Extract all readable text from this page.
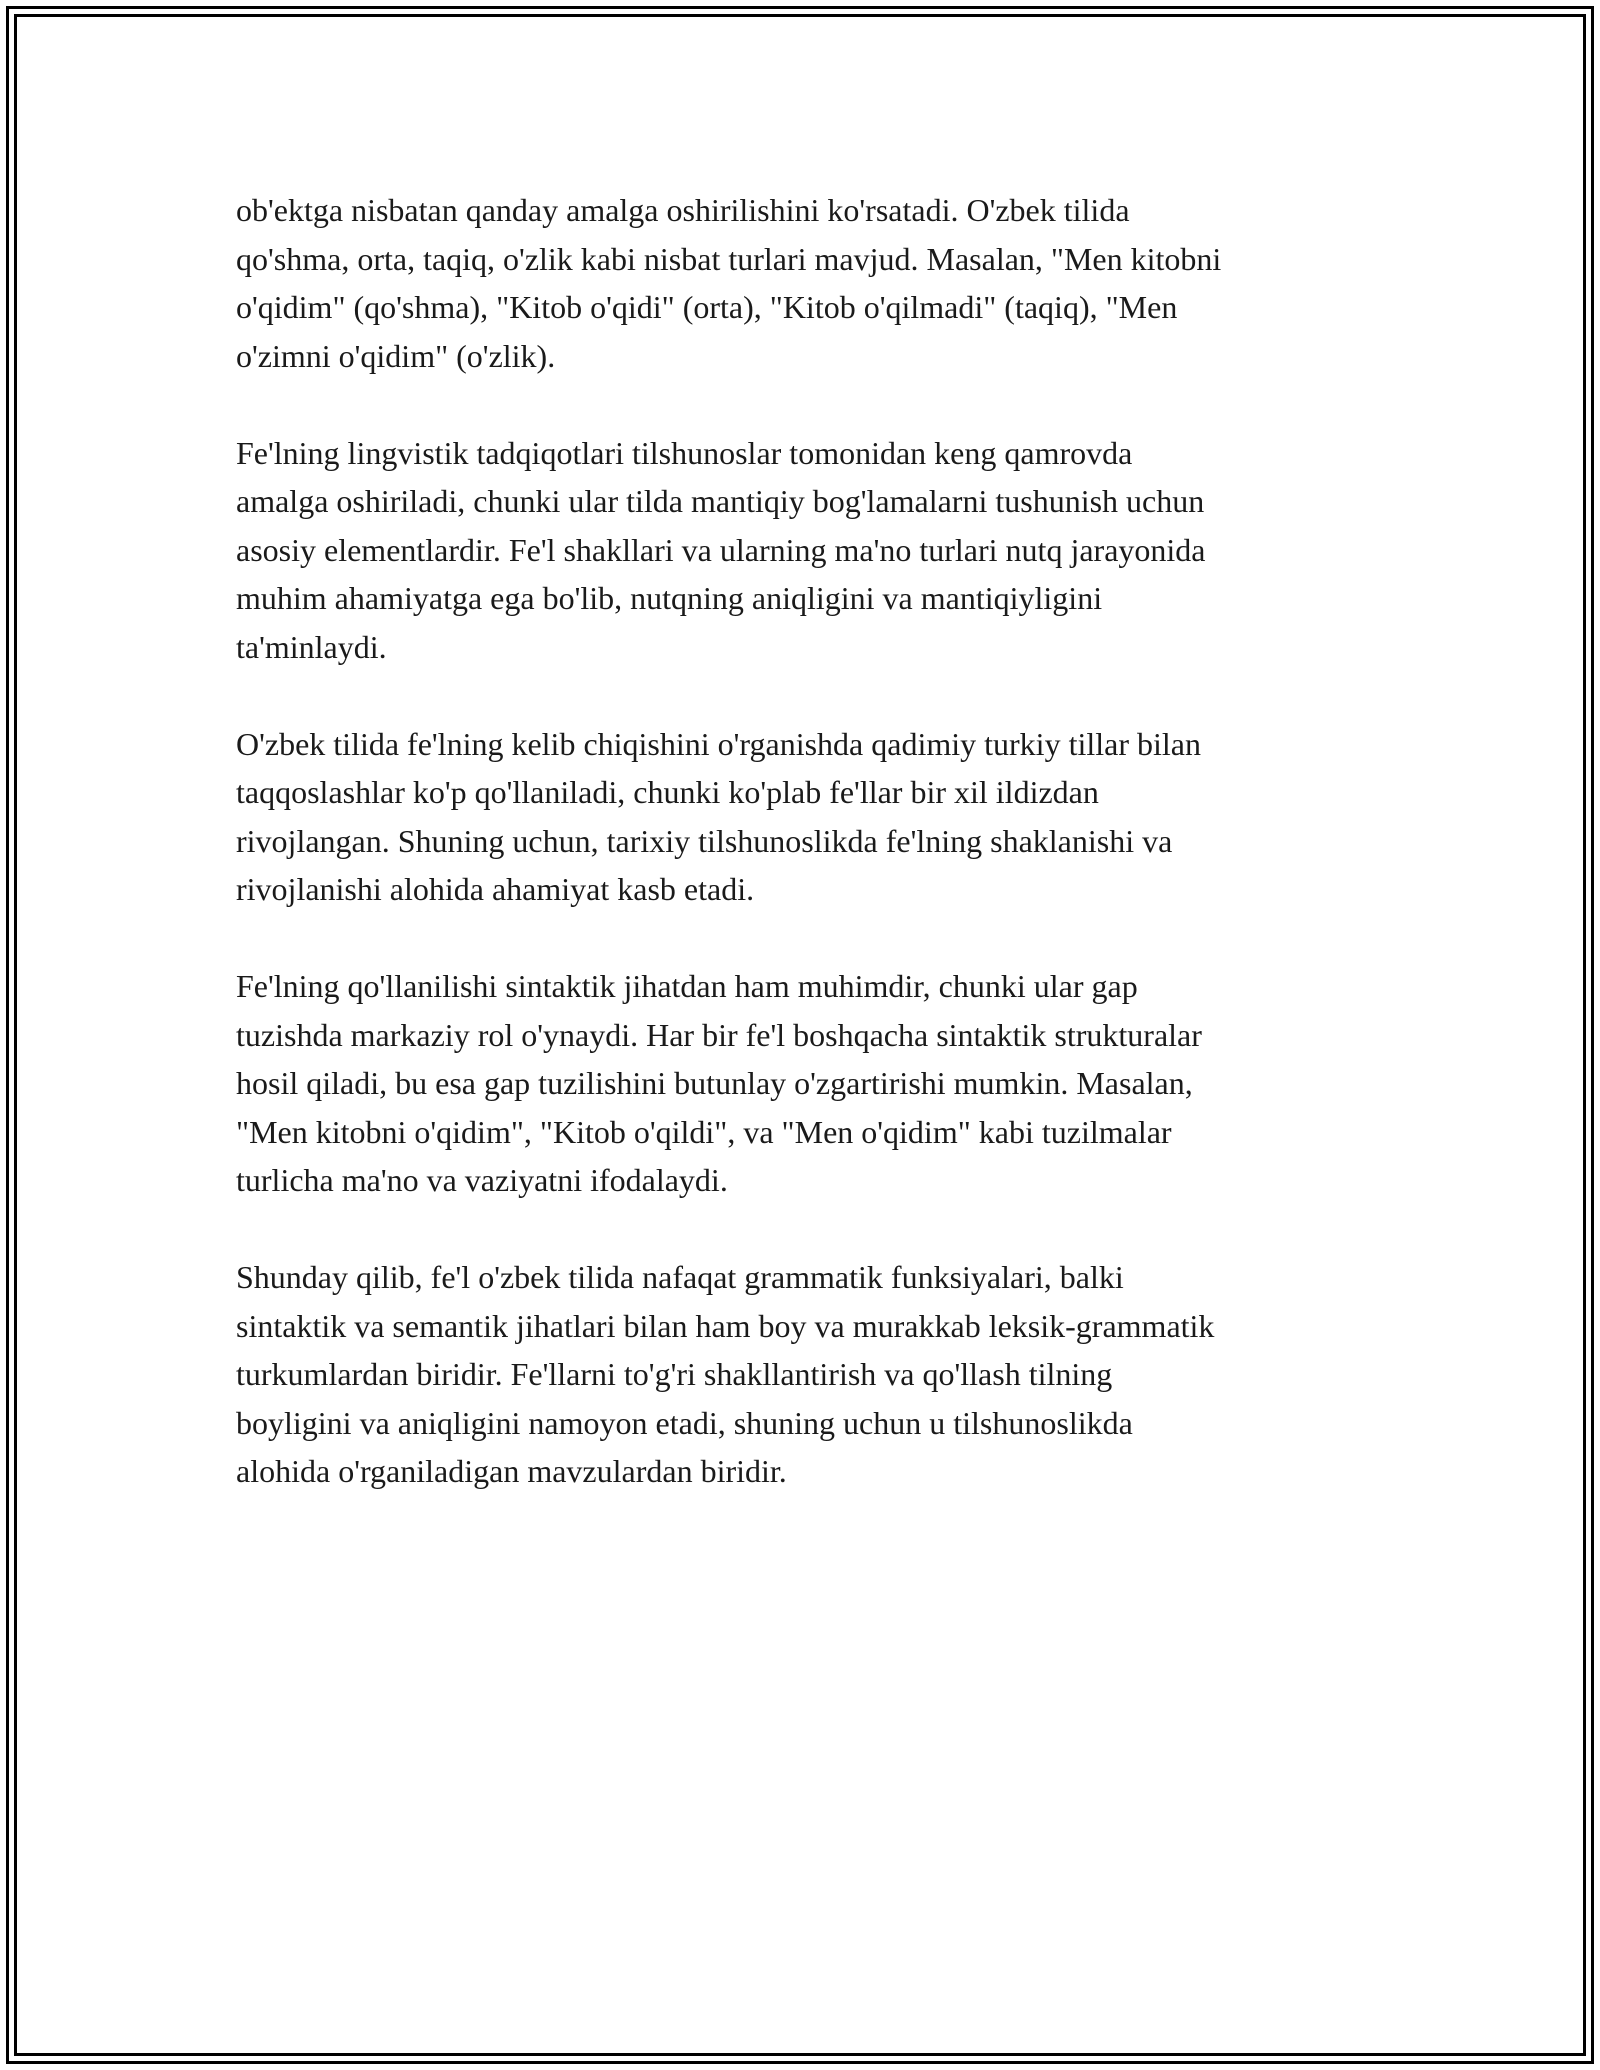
ob'ektga nisbatan qanday amalga oshirilishini ko'rsatadi. O'zbek tilida
qo'shma, orta, taqiq, o'zlik kabi nisbat turlari mavjud. Masalan, "Men kitobni
o'qidim" (qo'shma), "Kitob o'qidi" (orta), "Kitob o'qilmadi" (taqiq), "Men
o'zimni o'qidim" (o'zlik).

Fe'lning lingvistik tadqiqotlari tilshunoslar tomonidan keng qamrovda
amalga oshiriladi, chunki ular tilda mantiqiy bog'lamalarni tushunish uchun
asosiy elementlardir. Fe'l shakllari va ularning ma'no turlari nutq jarayonida
muhim ahamiyatga ega bo'lib, nutqning aniqligini va mantiqiyligini
ta'minlaydi.

O'zbek tilida fe'lning kelib chiqishini o'rganishda qadimiy turkiy tillar bilan
taqqoslashlar ko'p qo'llaniladi, chunki ko'plab fe'llar bir xil ildizdan
rivojlangan. Shuning uchun, tarixiy tilshunoslikda fe'lning shaklanishi va
rivojlanishi alohida ahamiyat kasb etadi.

Fe'lning qo'llanilishi sintaktik jihatdan ham muhimdir, chunki ular gap
tuzishda markaziy rol o'ynaydi. Har bir fe'l boshqacha sintaktik strukturalar
hosil qiladi, bu esa gap tuzilishini butunlay o'zgartirishi mumkin. Masalan,
"Men kitobni o'qidim", "Kitob o'qildi", va "Men o'qidim" kabi tuzilmalar
turlicha ma'no va vaziyatni ifodalaydi.

Shunday qilib, fe'l o'zbek tilida nafaqat grammatik funksiyalari, balki
sintaktik va semantik jihatlari bilan ham boy va murakkab leksik-grammatik
turkumlardan biridir. Fe'llarni to'g'ri shakllantirish va qo'llash tilning
boyligini va aniqligini namoyon etadi, shuning uchun u tilshunoslikda
alohida o'rganiladigan mavzulardan biridir.
